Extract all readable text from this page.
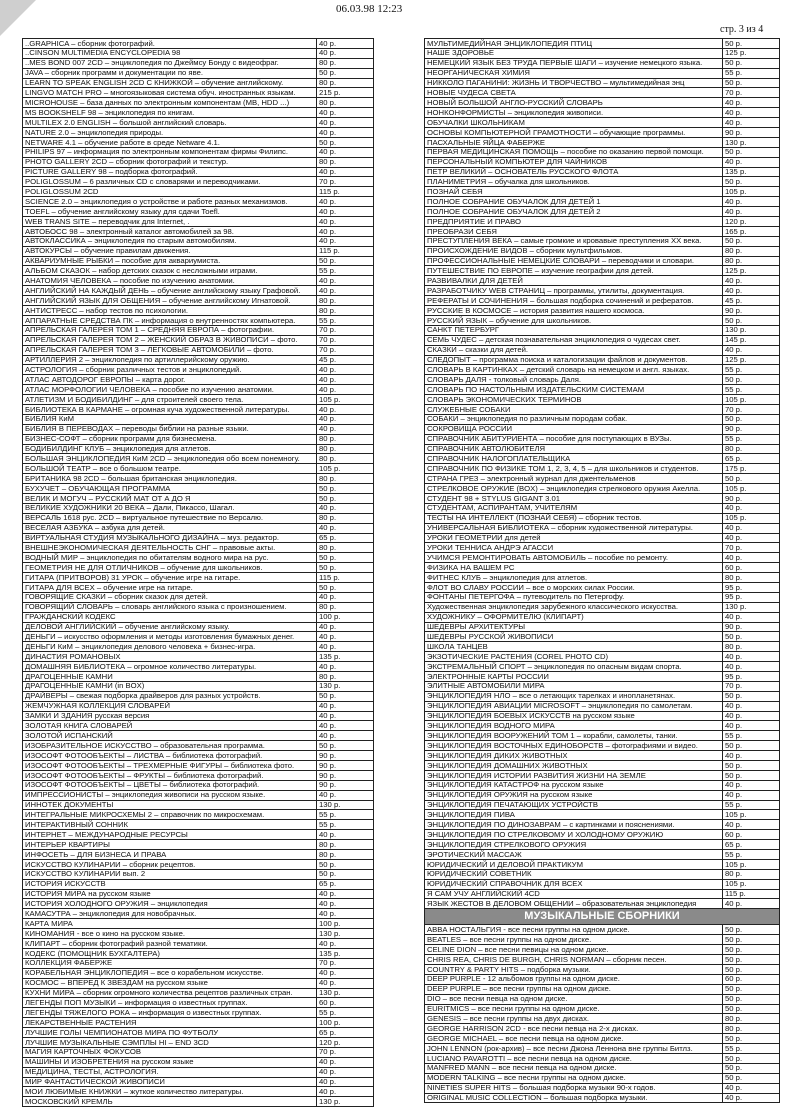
06.03.98 12:23
стр. 3 из 4
..GRAPHICA – сборник фотографий.	40 р.
..CINSON MULTIMEDIA ENCYCLOPEDIA 98	40 р.
..MES BOND 007 2CD – энциклопедия по Джеймсу Бонду с видеофраг.	80 р.
JAVA – сборник программ и документации по яве.	50 р.
LEARN TO SPEAK ENGLISH 2CD С КНИЖКОЙ – обучение английскому.	80 р.
LINGVO MATCH PRO – многоязыковая система обуч. иностранных языкам.	215 р.
MICROHOUSE – база данных по электронным компонентам (MB, HDD ...)	80 р.
MS BOOKSHELF 98 – энциклопедия по книгам.	40 р.
MULTILEX 2.0 ENGLISH – большой английский словарь.	40 р.
NATURE 2.0 – энциклопедия природы.	40 р.
NETWARE 4.1 – обучение работе в среде Netware 4.1.	50 р.
PHILIPS 97 – информация по электронным компонентам фирмы Филипс.	40 р.
PHOTO GALLERY 2CD – сборник фотографий и текстур.	80 р.
PICTURE GALLERY 98 – подборка фотографий.	40 р.
POLIGLOSSUM – 6 различных CD с словарями и переводчиками.	70 р.
POLIGLOSSUM 2CD	115 р.
SCIENCE 2.0 – энциклопедия о устройстве и работе разных механизмов.	40 р.
TOEFL – обучение английскому языку для сдачи Toefl.	40 р.
WEB TRANS SITE – переводчик для Internet, .	40 р.
АВТОБОСС 98 – электронный каталог автомобилей за 98.	40 р.
АВТОКЛАССИКА – энциклопедия по старым автомобилям.	40 р.
АВТОКУРСЫ – обучение правилам движения.	115 р.
АКВАРИУМНЫЕ РЫБКИ – пособие для аквариумиста.	50 р.
АЛЬБОМ СКАЗОК – набор детских сказок с несложными играми.	55 р.
АНАТОМИЯ ЧЕЛОВЕКА – пособие по изучению анатомии.	40 р.
АНГЛИЙСКИЙ НА КАЖДЫЙ ДЕНЬ – обучение английскому языку Графовой.	40 р.
АНГЛИЙСКИЙ ЯЗЫК ДЛЯ ОБЩЕНИЯ – обучение английскому Игнатовой.	80 р.
АНТИСТРЕСС – набор тестов по психологии.	80 р.
АППАРАТНЫЕ СРЕДСТВА ПК – информация о внутренностях компьютера.	55 р.
АПРЕЛЬСКАЯ ГАЛЕРЕЯ ТОМ 1 – СРЕДНЯЯ ЕВРОПА – фотографии.	70 р.
АПРЕЛЬСКАЯ ГАЛЕРЕЯ ТОМ 2 – ЖЕНСКИЙ ОБРАЗ В ЖИВОПИСИ – фото.	70 р.
АПРЕЛЬСКАЯ ГАЛЕРЕЯ ТОМ 3 – ЛЕГКОВЫЕ АВТОМОБИЛИ – фото.	70 р.
АРТИЛЛЕРИЯ 2 – энциклопедия по артиллерийскому оружию.	45 р.
АСТРОЛОГИЯ – сборник различных тестов и энциклопедий.	40 р.
АТЛАС АВТОДОРОГ ЕВРОПЫ – карта дорог.	40 р.
АТЛАС МОРФОЛОГИИ ЧЕЛОВЕКА – пособие по изучению анатомии.	40 р.
АТЛЕТИЗМ И БОДИБИЛДИНГ – для строителей своего тела.	105 р.
БИБЛИОТЕКА В КАРМАНЕ – огромная куча художественной литературы.	40 р.
БИБЛИЯ КиМ	40 р.
БИБЛИЯ В ПЕРЕВОДАХ – переводы библии на разные языки.	40 р.
БИЗНЕС-СОФТ – сборник программ для бизнесмена.	80 р.
БОДИБИЛДИНГ КЛУБ – энциклопедия для атлетов.	80 р.
БОЛЬШАЯ ЭНЦИКЛОПЕДИЯ КиМ 2CD – энциклопедия обо всем понемногу.	80 р.
БОЛЬШОЙ ТЕАТР – все о большом театре.	105 р.
БРИТАНИКА 98 2CD – большая британская энциклопедия.	80 р.
БУХУЧЕТ – ОБУЧАЮЩАЯ ПРОГРАММА	50 р.
ВЕЛИК И МОГУЧ – РУССКИЙ МАТ ОТ А ДО Я	50 р.
ВЕЛИКИЕ ХУДОЖНИКИ 20 ВЕКА – Дали, Пикассо, Шагал.	40 р.
ВЕРСАЛЬ 1618 рус. 2CD – виртуальное путешествие по Версалю.	80 р.
ВЕСЕЛАЯ АЗБУКА – азбука для детей.	40 р.
ВИРТУАЛЬНАЯ СТУДИЯ МУЗЫКАЛЬНОГО ДИЗАЙНА – муз. редактор.	65 р.
ВНЕШНЕЭКОНОМИЧЕСКАЯ ДЕЯТЕЛЬНОСТЬ СНГ – правовые акты.	80 р.
ВОДНЫЙ МИР – энциклопедия по обитателям водного мира на рус.	50 р.
ГЕОМЕТРИЯ НЕ ДЛЯ ОТЛИЧНИКОВ – обучение для школьников.	50 р.
ГИТАРА (ПРИТВОРОВ) 31 УРОК – обучение игре на гитаре.	115 р.
ГИТАРА ДЛЯ ВСЕХ – обучение игре на гитаре.	50 р.
ГОВОРЯЩИЕ СКАЗКИ – сборник сказок для детей.	40 р.
ГОВОРЯЩИЙ СЛОВАРЬ – словарь английского языка с произношением.	80 р.
ГРАЖДАНСКИЙ КОДЕКС	100 р.
ДЕЛОВОЙ АНГЛИЙСКИЙ – обучение английскому языку.	40 р.
ДЕНЬГИ – искусство оформления и методы изготовления бумажных денег.	40 р.
ДЕНЬГИ КиМ – энциклопедия делового человека + бизнес-игра.	40 р.
ДИНАСТИЯ РОМАНОВЫХ	135 р.
ДОМАШНЯЯ БИБЛИОТЕКА – огромное количество литературы.	40 р.
ДРАГОЦЕННЫЕ КАМНИ	80 р.
ДРАГОЦЕННЫЕ КАМНИ (in BOX)	130 р.
ДРАЙВЕРЫ – свежая подборка драйверов для разных устройств.	50 р.
ЖЕМЧУЖНАЯ КОЛЛЕКЦИЯ СЛОВАРЕЙ	40 р.
ЗАМКИ И ЗДАНИЯ русская версия	40 р.
ЗОЛОТАЯ КНИГА СЛОВАРЕЙ	40 р.
ЗОЛОТОЙ ИСПАНСКИЙ	40 р.
ИЗОБРАЗИТЕЛЬНОЕ ИСКУССТВО – образовательная программа.	50 р.
ИЗОСОФТ ФОТООБЪЕКТЫ – ЛИСТВА – библиотека фотографий.	90 р.
ИЗОСОФТ ФОТООБЪЕКТЫ – ТРЕХМЕРНЫЕ ФИГУРЫ – библиотека фото.	90 р.
ИЗОСОФТ ФОТООБЪЕКТЫ – ФРУКТЫ – библиотека фотографий.	90 р.
ИЗОСОФТ ФОТООБЪЕКТЫ – ЦВЕТЫ – библиотека фотографий.	90 р.
ИМПРЕССИОНИСТЫ – энциклопедия живописи на русском языке.	40 р.
ИННОТЕК ДОКУМЕНТЫ	130 р.
ИНТЕГРАЛЬНЫЕ МИКРОСХЕМЫ 2 – справочник по микросхемам.	55 р.
ИНТЕРАКТИВНЫЙ СОННИК	55 р.
ИНТЕРНЕТ – МЕЖДУНАРОДНЫЕ РЕСУРСЫ	40 р.
ИНТЕРЬЕР КВАРТИРЫ	80 р.
ИНФОСЕТЬ – ДЛЯ БИЗНЕСА И ПРАВА	80 р.
ИСКУССТВО КУЛИНАРИИ – сборник рецептов.	50 р.
ИСКУССТВО КУЛИНАРИИ вып. 2	50 р.
ИСТОРИЯ ИСКУССТВ	65 р.
ИСТОРИЯ МИРА на русском языке	40 р.
ИСТОРИЯ ХОЛОДНОГО ОРУЖИЯ – энциклопедия	40 р.
КАМАСУТРА – энциклопедия для новобрачных.	40 р.
КАРТА МИРА	100 р.
КИНОМАНИЯ - все о кино на русском языке.	130 р.
КЛИПАРТ – сборник фотографий разной тематики.	40 р.
КОДЕКС (ПОМОЩНИК БУХГАЛТЕРА)	135 р.
КОЛЛЕКЦИЯ ФАБЕРЖЕ	70 р.
КОРАБЕЛЬНАЯ ЭНЦИКЛОПЕДИЯ – все о корабельном искусстве.	40 р.
КОСМОС – ВПЕРЕД К ЗВЕЗДАМ на русском языке	40 р.
КУХНИ МИРА – сборник огромного количества рецептов различных стран.	130 р.
ЛЕГЕНДЫ ПОП МУЗЫКИ – информация о известных группах.	60 р.
ЛЕГЕНДЫ ТЯЖЕЛОГО РОКА – информация о известных группах.	55 р.
ЛЕКАРСТВЕННЫЕ РАСТЕНИЯ	100 р.
ЛУЧШИЕ ГОЛЫ ЧЕМПИОНАТОВ МИРА ПО ФУТБОЛУ	65 р.
ЛУЧШИЕ МУЗЫКАЛЬНЫЕ СЭМПЛЫ НI – END 3CD	120 р.
МАГИЯ КАРТОЧНЫХ ФОКУСОВ	70 р.
МАШИНЫ И ИЗОБРЕТЕНИЯ на русском языке	40 р.
МЕДИЦИНА, ТЕСТЫ, АСТРОЛОГИЯ.	40 р.
МИР ФАНТАСТИЧЕСКОЙ ЖИВОПИСИ	40 р.
МОИ ЛЮБИМЫЕ КНИЖКИ – жуткое количество литературы.	40 р.
МОСКОВСКИЙ КРЕМЛЬ	130 р.
МУЛЬТИМЕДИЙНАЯ ЭНЦИКЛОПЕДИЯ ПТИЦ	50 р.
НАШЕ ЗДОРОВЬЕ	125 р.
НЕМЕЦКИЙ ЯЗЫК БЕЗ ТРУДА ПЕРВЫЕ ШАГИ – изучение немецкого языка.	50 р.
НЕОРГАНИЧЕСКАЯ ХИМИЯ	55 р.
НИККОЛО ПАГАНИНИ: ЖИЗНЬ И ТВОРЧЕСТВО – мультимедийная энц	50 р.
НОВЫЕ ЧУДЕСА СВЕТА	70 р.
НОВЫЙ БОЛЬШОЙ АНГЛО-РУССКИЙ СЛОВАРЬ	40 р.
НОНКОНФОРМИСТЫ – энциклопедия живописи.	40 р.
ОБУЧАЛКИ ШКОЛЬНИКАМ	40 р.
ОСНОВЫ КОМПЬЮТЕРНОЙ ГРАМОТНОСТИ – обучающие программы.	90 р.
ПАСХАЛЬНЫЕ ЯЙЦА ФАБЕРЖЕ	130 р.
ПЕРВАЯ МЕДИЦИНСКАЯ ПОМОЩЬ – пособие по оказанию первой помощи.	50 р.
ПЕРСОНАЛЬНЫЙ КОМПЬЮТЕР ДЛЯ ЧАЙНИКОВ	40 р.
ПЕТР ВЕЛИКИЙ – ОСНОВАТЕЛЬ РУССКОГО ФЛОТА	135 р.
ПЛАНИМЕТРИЯ – обучалка для школьников.	50 р.
ПОЗНАЙ СЕБЯ	105 р.
ПОЛНОЕ СОБРАНИЕ ОБУЧАЛОК ДЛЯ ДЕТЕЙ 1	40 р.
ПОЛНОЕ СОБРАНИЕ ОБУЧАЛОК ДЛЯ ДЕТЕЙ 2	40 р.
ПРЕДПРИЯТИЕ И ПРАВО	120 р.
ПРЕОБРАЗИ СЕБЯ	165 р.
ПРЕСТУПЛЕНИЯ ВЕКА – самые громкие и кровавые преступления XX века.	50 р.
ПРОИСХОЖДЕНИЕ ВИДОВ – сборник мультфильмов.	80 р.
ПРОФЕССИОНАЛЬНЫЕ НЕМЕЦКИЕ СЛОВАРИ – переводчики и словари.	80 р.
ПУТЕШЕСТВИЕ ПО ЕВРОПЕ – изучение географии для детей.	125 р.
РАЗВИВАЛКИ ДЛЯ ДЕТЕЙ	40 р.
РАЗРАБОТЧИКУ WEB СТРАНИЦ – программы, утилиты, документация.	40 р.
РЕФЕРАТЫ И СОЧИНЕНИЯ – большая подборка сочинений и рефератов.	45 р.
РУССКИЕ В КОСМОСЕ – история развития нашего космоса.	90 р.
РУССКИЙ ЯЗЫК – обучение для школьников.	50 р.
САНКТ ПЕТЕРБУРГ	130 р.
СЕМЬ ЧУДЕС – детская познавательная энциклопедия о чудесах свет.	145 р.
СКАЗКИ – сказки для детей.	40 р.
СЛЕДОПЫТ – программа поиска и каталогизации файлов и документов.	125 р.
СЛОВАРЬ В КАРТИНКАХ – детский словарь на немецком и англ. языках.	55 р.
СЛОВАРЬ ДАЛЯ - толковый словарь Даля.	50 р.
СЛОВАРЬ ПО НАСТОЛЬНЫМ ИЗДАТЕЛЬСКИМ СИСТЕМАМ	55 р.
СЛОВАРЬ ЭКОНОМИЧЕСКИХ ТЕРМИНОВ	105 р.
СЛУЖЕБНЫЕ СОБАКИ	70 р.
СОБАКИ – энциклопедия по различным породам собак.	50 р.
СОКРОВИЩА РОССИИ	90 р.
СПРАВОЧНИК АБИТУРИЕНТА – пособие для поступающих в ВУЗы.	55 р.
СПРАВОЧНИК АВТОЛЮБИТЕЛЯ	80 р.
СПРАВОЧНИК НАЛОГОПЛАТЕЛЬЩИКА	65 р.
СПРАВОЧНИК ПО ФИЗИКЕ ТОМ 1, 2, 3, 4, 5 – для школьников и студентов.	175 р.
СТРАНА ГРЕЗ – электронный журнал для джентельменов	50 р.
СТРЕЛКОВОЕ ОРУЖИЕ (BOX) – энциклопедия стрелкового оружия Акелла.	105 р.
СТУДЕНТ 98 + STYLUS GIGANT 3.01	90 р.
СТУДЕНТАМ, АСПИРАНТАМ, УЧИТЕЛЯМ	40 р.
ТЕСТЫ НА ИНТЕЛЛЕКТ (ПОЗНАЙ СЕБЯ) – сборник тестов.	105 р.
УНИВЕРСАЛЬНАЯ БИБЛИОТЕКА – сборник художественной литературы.	40 р.
УРОКИ ГЕОМЕТРИИ для детей	40 р.
УРОКИ ТЕННИСА АНДРЭ АГАССИ	70 р.
УЧИМСЯ РЕМОНТИРОВАТЬ АВТОМОБИЛЬ – пособие по ремонту.	40 р.
ФИЗИКА НА ВАШЕМ PC	60 р.
ФИТНЕС КЛУБ – энциклопедия для атлетов.	80 р.
ФЛОТ ВО СЛАВУ РОССИИ – все о морских силах России.	95 р.
ФОНТАНЫ ПЕТЕРГОФА – путеводитель по Петергофу.	95 р.
Художественная энциклопедия зарубежного классического искусства.	130 р.
ХУДОЖНИКУ – ОФОРМИТЕЛЮ (КЛИПАРТ)	40 р.
ШЕДЕВРЫ АРХИТЕКТУРЫ	90 р.
ШЕДЕВРЫ РУССКОЙ ЖИВОПИСИ	50 р.
ШКОЛА ТАНЦЕВ	80 р.
ЭКЗОТИЧЕСКИЕ РАСТЕНИЯ (COREL PHOTO CD)	40 р.
ЭКСТРЕМАЛЬНЫЙ СПОРТ – энциклопедия по опасным видам спорта.	40 р.
ЭЛЕКТРОННЫЕ КАРТЫ РОССИИ	95 р.
ЭЛИТНЫЕ АВТОМОБИЛИ МИРА	70 р.
ЭНЦИКЛОПЕДИЯ НЛО – все о летающих тарелках и инопланетянах.	50 р.
ЭНЦИКЛОПЕДИЯ АВИАЦИИ MICROSOFT – энциклопедия по самолетам.	40 р.
ЭНЦИКЛОПЕДИЯ БОЕВЫХ ИСКУССТВ на русском языке	40 р.
ЭНЦИКЛОПЕДИЯ ВОДНОГО МИРА	40 р.
ЭНЦИКЛОПЕДИЯ ВООРУЖЕНИЙ ТОМ 1 – корабли, самолеты, танки.	55 р.
ЭНЦИКЛОПЕДИЯ ВОСТОЧНЫХ ЕДИНОБОРСТВ – фотографиями и видео.	50 р.
ЭНЦИКЛОПЕДИЯ ДИКИХ ЖИВОТНЫХ	40 р.
ЭНЦИКЛОПЕДИЯ ДОМАШНИХ ЖИВОТНЫХ	50 р.
ЭНЦИКЛОПЕДИЯ ИСТОРИИ РАЗВИТИЯ ЖИЗНИ НА ЗЕМЛЕ	50 р.
ЭНЦИКЛОПЕДИЯ КАТАСТРОФ на русском языке	40 р.
ЭНЦИКЛОПЕДИЯ ОРУЖИЯ на русском языке	40 р.
ЭНЦИКЛОПЕДИЯ ПЕЧАТАЮЩИХ УСТРОЙСТВ	55 р.
ЭНЦИКЛОПЕДИЯ ПИВА	105 р.
ЭНЦИКЛОПЕДИЯ ПО ДИНОЗАВРАМ – с картинками и пояснениями.	40 р.
ЭНЦИКЛОПЕДИЯ ПО СТРЕЛКОВОМУ И ХОЛОДНОМУ ОРУЖИЮ	60 р.
ЭНЦИКЛОПЕДИЯ СТРЕЛКОВОГО ОРУЖИЯ	65 р.
ЭРОТИЧЕСКИЙ МАССАЖ	55 р.
ЮРИДИЧЕСКИЙ И ДЕЛОВОЙ ПРАКТИКУМ	105 р.
ЮРИДИЧЕСКИЙ СОВЕТНИК	80 р.
ЮРИДИЧЕСКИЙ СПРАВОЧНИК ДЛЯ ВСЕХ	105 р.
Я САМ УЧУ АНГЛИЙСКИЙ 4CD	115 р.
ЯЗЫК ЖЕСТОВ В ДЕЛОВОМ ОБЩЕНИИ – образовательная энциклопедия	40 р.
МУЗЫКАЛЬНЫЕ СБОРНИКИ	
ABBA НОСТАЛЬГИЯ - все песни группы на одном диске.	50 р.
BEATLES – все песни группы на одном диске.	50 р.
CELINE DION – все песни певицы на одном диске.	50 р.
CHRIS REA, CHRIS DE BURGH, CHRIS NORMAN – сборник песен.	50 р.
COUNTRY & PARTY HITS – подборка музыки.	50 р.
DEEP PURPLE - 12 альбомов группы на одном диске.	60 р.
DEEP PURPLE – все песни группы на одном диске.	50 р.
DIO – все песни певца на одном диске.	50 р.
EURITMICS – все песни группы на одном диске.	50 р.
GENESIS – все песни группы на двух дисках.	80 р.
GEORGE HARRISON 2CD - все песни певца на 2-х дисках.	80 р.
GEORGE MICHAEL – все песни певца на одном диске.	50 р.
JOHN LENNON (рок-архив) – все песни Джона Леннона вне группы Битлз.	55 р.
LUCIANO PAVAROTTI – все песни певца на одном диске.	50 р.
MANFRED MANN – все песни певца на одном диске.	50 р.
MODERN TALKING – все песни группы на одном диске.	50 р.
NINETIES SUPER HITS – большая подборка музыки 90-х годов.	40 р.
ORIGINAL MUSIC COLLECTION – большая подборка музыки.	40 р.
